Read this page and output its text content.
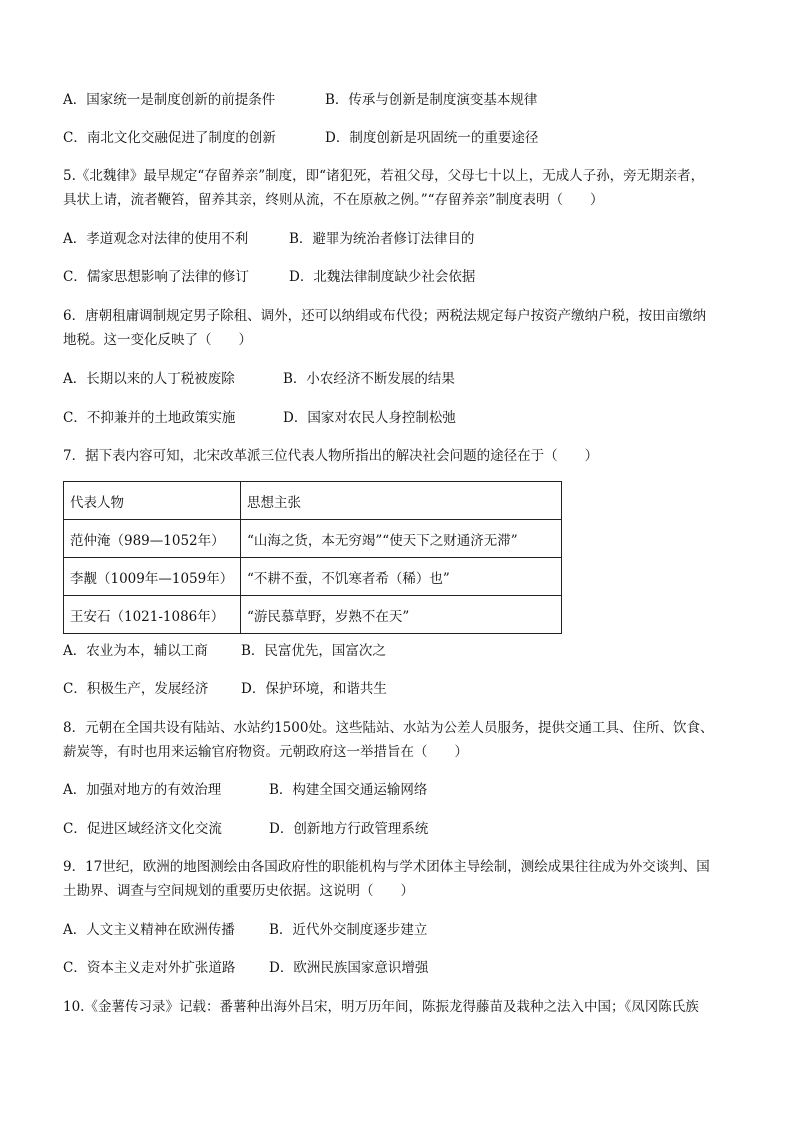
A．国家统一是制度创新的前提条件	B．传承与创新是制度演变基本规律
C．南北文化交融促进了制度的创新	D．制度创新是巩固统一的重要途径
5.《北魏律》最早规定“存留养亲”制度，即“诸犯死，若祖父母，父母七十以上，无成人子孙，旁无期亲者，
具状上请，流者鞭笞，留养其亲，终则从流，不在原赦之例。”“存留养亲”制度表明（　　）
A．孝道观念对法律的使用不利	B．避罪为统治者修订法律目的
C．儒家思想影响了法律的修订	D．北魏法律制度缺少社会依据
6．唐朝租庸调制规定男子除租、调外，还可以纳绢或布代役；两税法规定每户按资产缴纳户税，按田亩缴纳
地税。这一变化反映了（　　）
A．长期以来的人丁税被废除	B．小农经济不断发展的结果
C．不抑兼并的土地政策实施	D．国家对农民人身控制松弛
7．据下表内容可知，北宋改革派三位代表人物所指出的解决社会问题的途径在于（　　）
代表人物	思想主张
范仲淹（989—1052年）	“山海之货，本无穷竭”“使天下之财通济无滞”
李觏（1009年—1059年）	“不耕不蚕，不饥寒者希（稀）也”
王安石（1021-1086年）	“游民慕草野，岁熟不在天”
A．农业为本，辅以工商 B．民富优先，国富次之
C．积极生产，发展经济 D．保护环境，和谐共生
8．元朝在全国共设有陆站、水站约1500处。这些陆站、水站为公差人员服务，提供交通工具、住所、饮食、
薪炭等，有时也用来运输官府物资。元朝政府这一举措旨在（　　）
A．加强对地方的有效治理	B．构建全国交通运输网络
C．促进区域经济文化交流	D．创新地方行政管理系统
9．17世纪，欧洲的地图测绘由各国政府性的职能机构与学术团体主导绘制，测绘成果往往成为外交谈判、国
土勘界、调查与空间规划的重要历史依据。这说明（　　）
A．人文主义精神在欧洲传播	B．近代外交制度逐步建立
C．资本主义走对外扩张道路 D．欧洲民族国家意识增强
10.《金薯传习录》记载：番薯种出海外吕宋，明万历年间，陈振龙得藤苗及栽种之法入中国；《凤冈陈氏族
